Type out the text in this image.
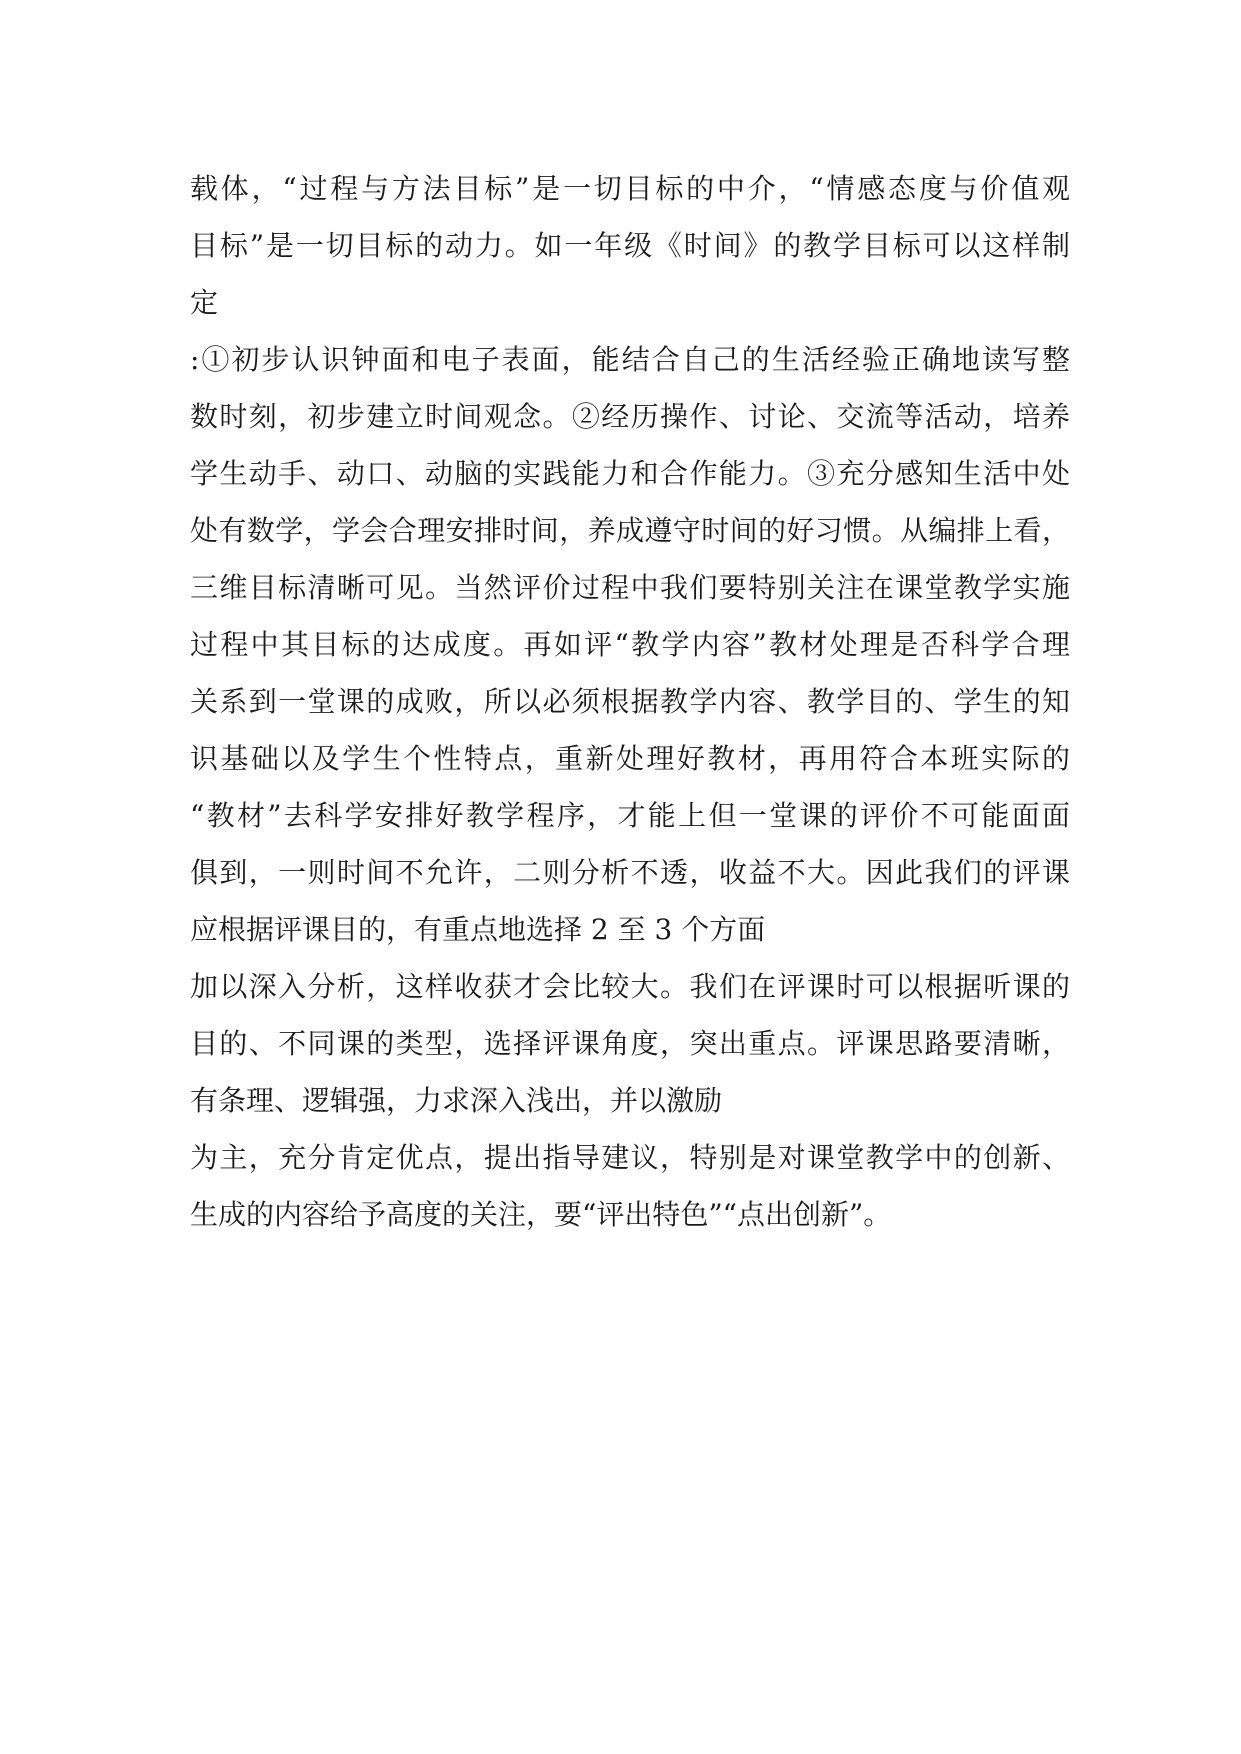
载体，“过程与方法目标”是一切目标的中介，“情感态度与价值观
目标”是一切目标的动力。如一年级《时间》的教学目标可以这样制
定
:①初步认识钟面和电子表面，能结合自己的生活经验正确地读写整
数时刻，初步建立时间观念。②经历操作、讨论、交流等活动，培养
学生动手、动口、动脑的实践能力和合作能力。③充分感知生活中处
处有数学，学会合理安排时间，养成遵守时间的好习惯。从编排上看，
三维目标清晰可见。当然评价过程中我们要特别关注在课堂教学实施
过程中其目标的达成度。再如评“教学内容”教材处理是否科学合理
关系到一堂课的成败，所以必须根据教学内容、教学目的、学生的知
识基础以及学生个性特点，重新处理好教材，再用符合本班实际的
“教材”去科学安排好教学程序，才能上但一堂课的评价不可能面面
俱到，一则时间不允许，二则分析不透，收益不大。因此我们的评课
应根据评课目的，有重点地选择 2 至 3 个方面
加以深入分析，这样收获才会比较大。我们在评课时可以根据听课的
目的、不同课的类型，选择评课角度，突出重点。评课思路要清晰，
有条理、逻辑强，力求深入浅出，并以激励
为主，充分肯定优点，提出指导建议，特别是对课堂教学中的创新、
生成的内容给予高度的关注，要“评出特色”“点出创新”。
